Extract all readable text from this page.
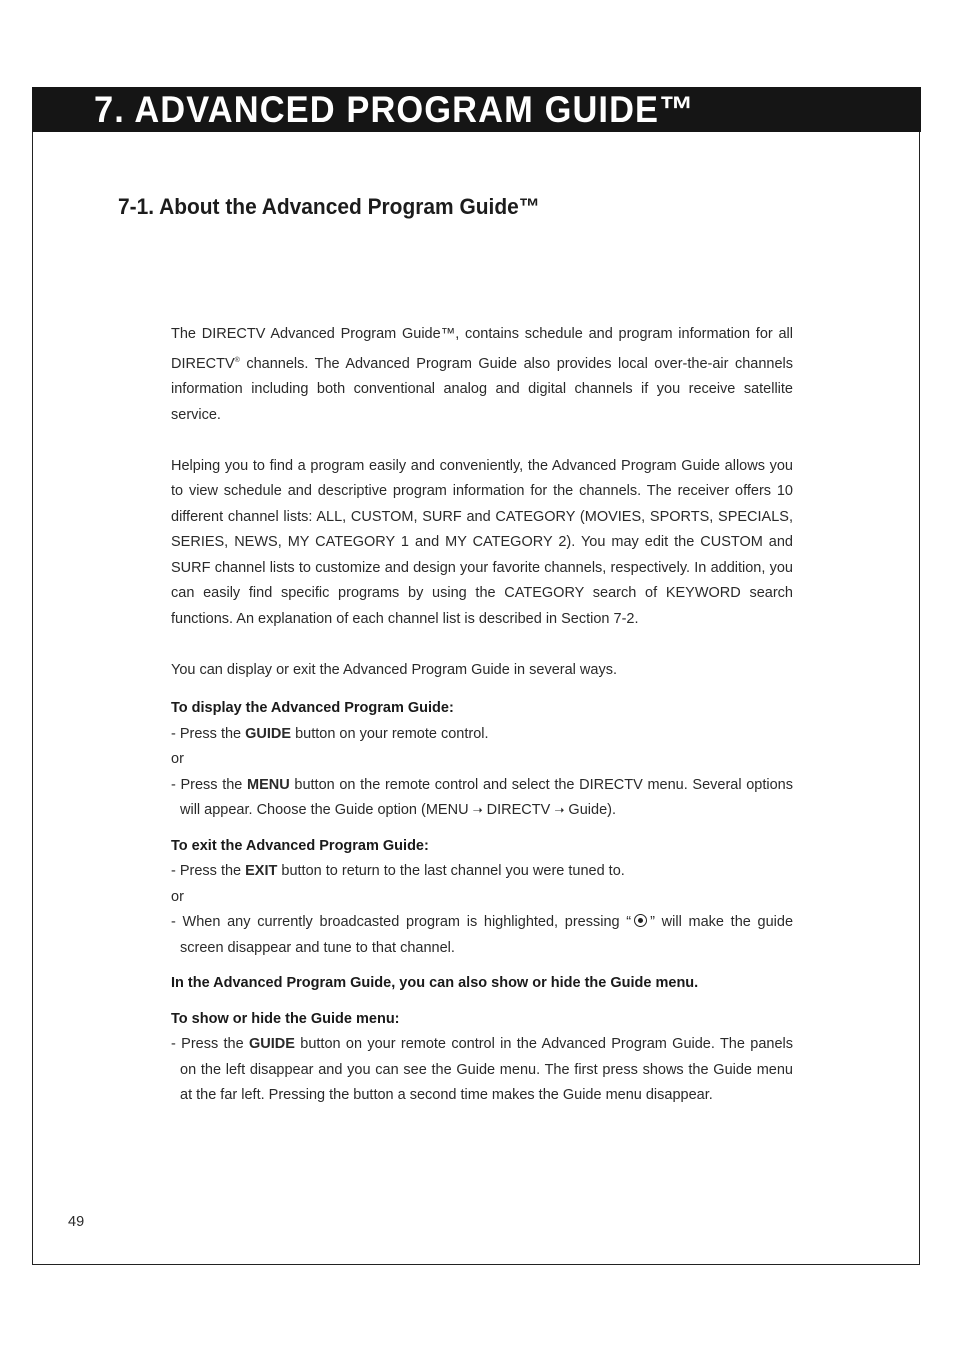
7. ADVANCED PROGRAM GUIDE™
7-1. About the Advanced Program Guide™

The DIRECTV Advanced Program Guide™, contains schedule and program information for all DIRECTV® channels. The Advanced Program Guide also provides local over-the-air channels information including both conventional analog and digital channels if you receive satellite service.

Helping you to find a program easily and conveniently, the Advanced Program Guide allows you to view schedule and descriptive program information for the channels. The receiver offers 10 different channel lists: ALL, CUSTOM, SURF and CATEGORY (MOVIES, SPORTS, SPECIALS, SERIES, NEWS, MY CATEGORY 1 and MY CATEGORY 2). You may edit the CUSTOM and SURF channel lists to customize and design your favorite channels, respectively. In addition, you can easily find specific programs by using the CATEGORY search of KEYWORD search functions. An explanation of each channel list is described in Section 7-2.

You can display or exit the Advanced Program Guide in several ways.

To display the Advanced Program Guide:

- Press the GUIDE button on your remote control.

or

- Press the MENU button on the remote control and select the DIRECTV menu. Several options will appear. Choose the Guide option (MENU ➝ DIRECTV ➝ Guide).

To exit the Advanced Program Guide:

- Press the EXIT button to return to the last channel you were tuned to.

or

- When any currently broadcasted program is highlighted, pressing “ ” will make the guide screen disappear and tune to that channel.

In the Advanced Program Guide, you can also show or hide the Guide menu.

To show or hide the Guide menu:

- Press the GUIDE button on your remote control in the Advanced Program Guide. The panels on the left disappear and you can see the Guide menu. The first press shows the Guide menu at the far left. Pressing the button a second time makes the Guide menu disappear.

49
